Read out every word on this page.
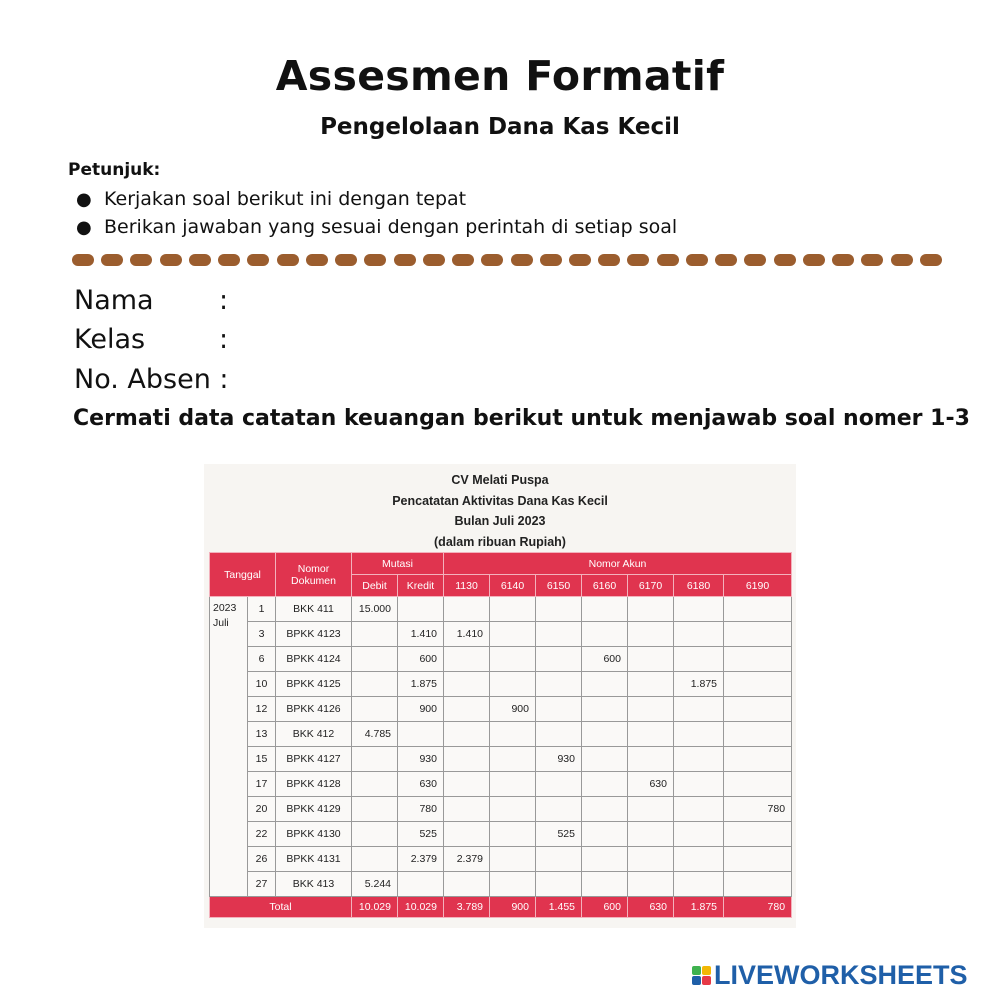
Assesmen Formatif
Pengelolaan Dana Kas Kecil
Petunjuk:
● Kerjakan soal berikut ini dengan tepat
● Berikan jawaban yang sesuai dengan perintah di setiap soal
Nama :
Kelas	:
No. Absen :
Cermati data catatan keuangan berikut untuk menjawab soal nomer 1-3
CV Melati Puspa
Pencatatan Aktivitas Dana Kas Kecil
Bulan Juli 2023
(dalam ribuan Rupiah)
Tanggal		Nomor Dokumen	Mutasi		Nomor Akun						
			Debit	Kredit	1130	6140	6150	6160	6170	6180	6190

2023
Juli	1	BKK 411	15.000								
	3	BPKK 4123		1.410	1.410						
	6	BPKK 4124		600				600			
	10	BPKK 4125		1.875						1.875	
	12	BPKK 4126		900		900					
	13	BKK 412	4.785								
	15	BPKK 4127		930			930				
	17	BPKK 4128		630					630		
	20	BPKK 4129		780							780
	22	BPKK 4130		525			525				
	26	BPKK 4131		2.379	2.379						
	27	BKK 413	5.244								
Total			10.029	10.029	3.789	900	1.455	600	630	1.875	780
LIVEWORKSHEETS
